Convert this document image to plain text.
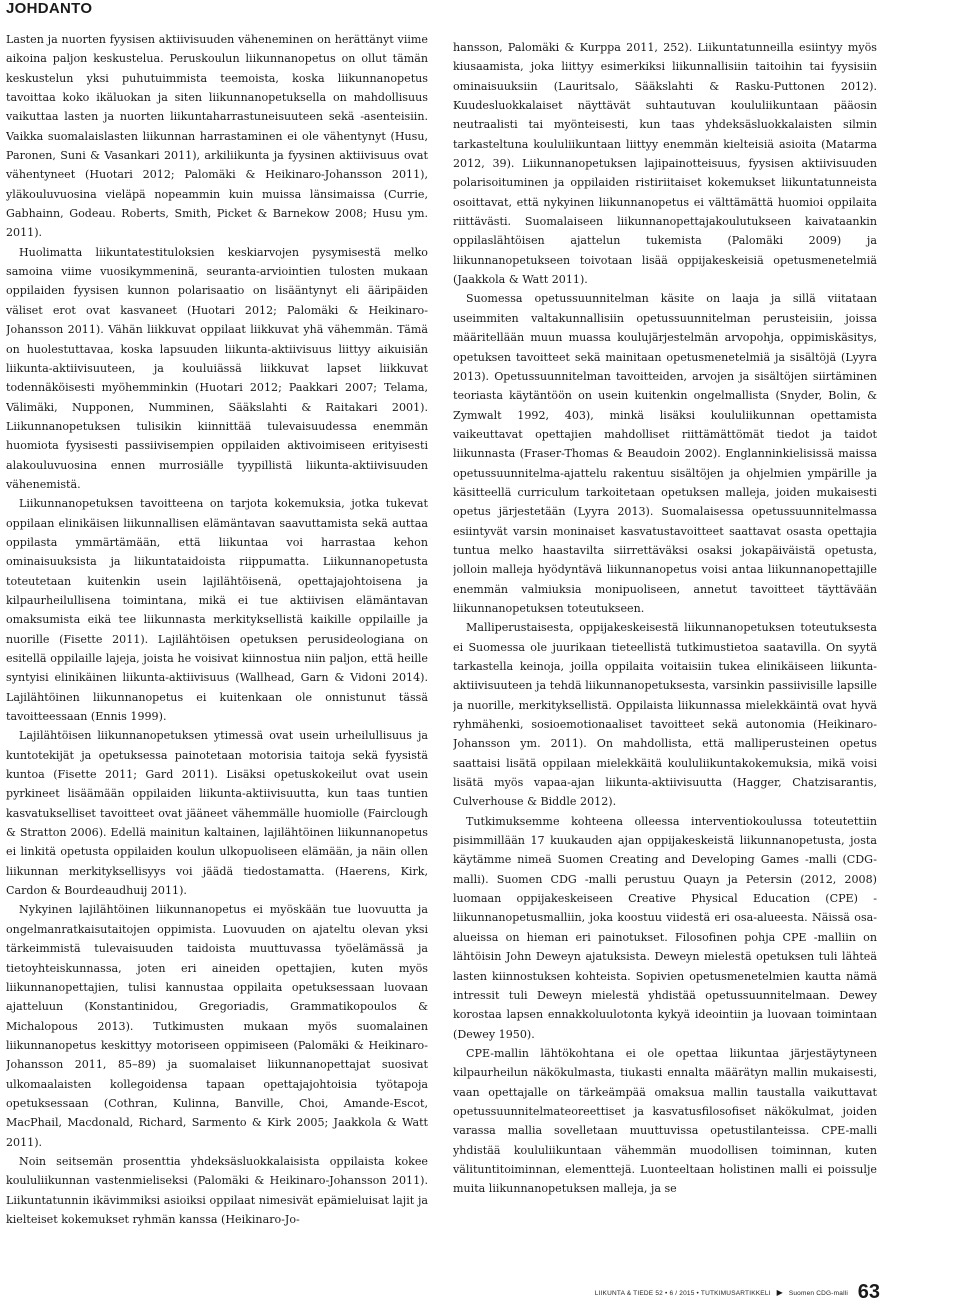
JOHDANTO

Lasten ja nuorten fyysisen aktiivisuuden väheneminen on herättänyt viime aikoina paljon keskustelua. Peruskoulun liikunnanopetus on ollut tämän keskustelun yksi puhutuimmista teemoista, koska liikunnanopetus tavoittaa koko ikäluokan ja siten liikunnanopetuksella on mahdollisuus vaikuttaa lasten ja nuorten liikuntaharrastuneisuuteen sekä -asenteisiin. Vaikka suomalaislasten liikunnan harrastaminen ei ole vähentynyt (Husu, Paronen, Suni & Vasankari 2011), arkiliikunta ja fyysinen aktiivisuus ovat vähentyneet (Huotari 2012; Palomäki & Heikinaro-Johansson 2011), yläkouluvuosina vieläpä nopeammin kuin muissa länsimaissa (Currie, Gabhainn, Godeau. Roberts, Smith, Picket & Barnekow 2008; Husu ym. 2011).

Huolimatta liikuntatestituloksien keskiarvojen pysymisestä melko samoina viime vuosikymmeninä, seuranta-arviointien tulosten mukaan oppilaiden fyysisen kunnon polarisaatio on lisääntynyt eli ääripäiden väliset erot ovat kasvaneet (Huotari 2012; Palomäki & Heikinaro-Johansson 2011). Vähän liikkuvat oppilaat liikkuvat yhä vähemmän. Tämä on huolestuttavaa, koska lapsuuden liikunta-aktiivisuus liittyy aikuisiän liikunta-aktiivisuuteen, ja kouluiässä liikkuvat lapset liikkuvat todennäköisesti myöhemminkin (Huotari 2012; Paakkari 2007; Telama, Välimäki, Nupponen, Numminen, Sääkslahti & Raitakari 2001). Liikunnanopetuksen tulisikin kiinnittää tulevaisuudessa enemmän huomiota fyysisesti passiivisempien oppilaiden aktivoimiseen erityisesti alakouluvuosina ennen murrosiälle tyypillistä liikunta-aktiivisuuden vähenemistä.

Liikunnanopetuksen tavoitteena on tarjota kokemuksia, jotka tukevat oppilaan elinikäisen liikunnallisen elämäntavan saavuttamista sekä auttaa oppilasta ymmärtämään, että liikuntaa voi harrastaa kehon ominaisuuksista ja liikuntataidoista riippumatta. Liikunnanopetusta toteutetaan kuitenkin usein lajilähtöisenä, opettajajohtoisena ja kilpaurheilullisena toimintana, mikä ei tue aktiivisen elämäntavan omaksumista eikä tee liikunnasta merkityksellistä kaikille oppilaille ja nuorille (Fisette 2011). Lajilähtöisen opetuksen perusideologiana on esitellä oppilaille lajeja, joista he voisivat kiinnostua niin paljon, että heille syntyisi elinikäinen liikunta-aktiivisuus (Wallhead, Garn & Vidoni 2014). Lajilähtöinen liikunnanopetus ei kuitenkaan ole onnistunut tässä tavoitteessaan (Ennis 1999).

Lajilähtöisen liikunnanopetuksen ytimessä ovat usein urheilullisuus ja kuntotekijät ja opetuksessa painotetaan motorisia taitoja sekä fyysistä kuntoa (Fisette 2011; Gard 2011). Lisäksi opetuskokeilut ovat usein pyrkineet lisäämään oppilaiden liikunta-aktiivisuutta, kun taas tuntien kasvatukselliset tavoitteet ovat jääneet vähemmälle huomiolle (Fairclough & Stratton 2006). Edellä mainitun kaltainen, lajilähtöinen liikunnanopetus ei linkitä opetusta oppilaiden koulun ulkopuoliseen elämään, ja näin ollen liikunnan merkityksellisyys voi jäädä tiedostamatta. (Haerens, Kirk, Cardon & Bourdeaudhuij 2011).

Nykyinen lajilähtöinen liikunnanopetus ei myöskään tue luovuutta ja ongelmanratkaisutaitojen oppimista. Luovuuden on ajateltu olevan yksi tärkeimmistä tulevaisuuden taidoista muuttuvassa työelämässä ja tietoyhteiskunnassa, joten eri aineiden opettajien, kuten myös liikunnanopettajien, tulisi kannustaa oppilaita opetuksessaan luovaan ajatteluun (Konstantinidou, Gregoriadis, Grammatikopoulos & Michalopous 2013). Tutkimusten mukaan myös suomalainen liikunnanopetus keskittyy motoriseen oppimiseen (Palomäki & Heikinaro-Johansson 2011, 85–89) ja suomalaiset liikunnanopettajat suosivat ulkomaalaisten kollegoidensa tapaan opettajajohtoisia työtapoja opetuksessaan (Cothran, Kulinna, Banville, Choi, Amande-Escot, MacPhail, Macdonald, Richard, Sarmento & Kirk 2005; Jaakkola & Watt 2011).

Noin seitsemän prosenttia yhdeksäsluokkalaisista oppilaista kokee koululiikunnan vastenmieliseksi (Palomäki & Heikinaro-Johansson 2011). Liikuntatunnin ikävimmiksi asioiksi oppilaat nimesivät epämieluisat lajit ja kielteiset kokemukset ryhmän kanssa (Heikinaro-Jo-

hansson, Palomäki & Kurppa 2011, 252). Liikuntatunneilla esiintyy myös kiusaamista, joka liittyy esimerkiksi liikunnallisiin taitoihin tai fyysisiin ominaisuuksiin (Lauritsalo, Sääkslahti & Rasku-Puttonen 2012). Kuudesluokkalaiset näyttävät suhtautuvan koululiikuntaan pääosin neutraalisti tai myönteisesti, kun taas yhdeksäsluokkalaisten silmin tarkasteltuna koululiikuntaan liittyy enemmän kielteisiä asioita (Matarma 2012, 39). Liikunnanopetuksen lajipainotteisuus, fyysisen aktiivisuuden polarisoituminen ja oppilaiden ristiriitaiset kokemukset liikuntatunneista osoittavat, että nykyinen liikunnanopetus ei välttämättä huomioi oppilaita riittävästi. Suomalaiseen liikunnanopettajakoulutukseen kaivataankin oppilaslähtöisen ajattelun tukemista (Palomäki 2009) ja liikunnanopetukseen toivotaan lisää oppijakeskeisiä opetusmenetelmiä (Jaakkola & Watt 2011).

Suomessa opetussuunnitelman käsite on laaja ja sillä viitataan useimmiten valtakunnallisiin opetussuunnitelman perusteisiin, joissa määritellään muun muassa koulujärjestelmän arvopohja, oppimiskäsitys, opetuksen tavoitteet sekä mainitaan opetusmenetelmiä ja sisältöjä (Lyyra 2013). Opetussuunnitelman tavoitteiden, arvojen ja sisältöjen siirtäminen teoriasta käytäntöön on usein kuitenkin ongelmallista (Snyder, Bolin, & Zymwalt 1992, 403), minkä lisäksi koululiikunnan opettamista vaikeuttavat opettajien mahdolliset riittämättömät tiedot ja taidot liikunnasta (Fraser-Thomas & Beaudoin 2002). Englanninkielisissä maissa opetussuunnitelma-ajattelu rakentuu sisältöjen ja ohjelmien ympärille ja käsitteellä curriculum tarkoitetaan opetuksen malleja, joiden mukaisesti opetus järjestetään (Lyyra 2013). Suomalaisessa opetussuunnitelmassa esiintyvät varsin moninaiset kasvatustavoitteet saattavat osasta opettajia tuntua melko haastavilta siirrettäväksi osaksi jokapäiväistä opetusta, jolloin malleja hyödyntävä liikunnanopetus voisi antaa liikunnanopettajille enemmän valmiuksia monipuoliseen, annetut tavoitteet täyttävään liikunnanopetuksen toteutukseen.

Malliperustaisesta, oppijakeskeisestä liikunnanopetuksen toteutuksesta ei Suomessa ole juurikaan tieteellistä tutkimustietoa saatavilla. On syytä tarkastella keinoja, joilla oppilaita voitaisiin tukea elinikäiseen liikunta-aktiivisuuteen ja tehdä liikunnanopetuksesta, varsinkin passiivisille lapsille ja nuorille, merkityksellistä. Oppilaista liikunnassa mielekkäintä ovat hyvä ryhmähenki, sosioemotionaaliset tavoitteet sekä autonomia (Heikinaro-Johansson ym. 2011). On mahdollista, että malliperusteinen opetus saattaisi lisätä oppilaan mielekkäitä koululiikuntakokemuksia, mikä voisi lisätä myös vapaa-ajan liikunta-aktiivisuutta (Hagger, Chatzisarantis, Culverhouse & Biddle 2012).

Tutkimuksemme kohteena olleessa interventiokoulussa toteutettiin pisimmillään 17 kuukauden ajan oppijakeskeistä liikunnanopetusta, josta käytämme nimeä Suomen Creating and Developing Games -malli (CDG-malli). Suomen CDG -malli perustuu Quayn ja Petersin (2012, 2008) luomaan oppijakeskeiseen Creative Physical Education (CPE) -liikunnanopetusmalliin, joka koostuu viidestä eri osa-alueesta. Näissä osa-alueissa on hieman eri painotukset. Filosofinen pohja CPE -malliin on lähtöisin John Deweyn ajatuksista. Deweyn mielestä opetuksen tuli lähteä lasten kiinnostuksen kohteista. Sopivien opetusmenetelmien kautta nämä intressit tuli Deweyn mielestä yhdistää opetussuunnitelmaan. Dewey korostaa lapsen ennakkoluulotonta kykyä ideointiin ja luovaan toimintaan (Dewey 1950).

CPE-mallin lähtökohtana ei ole opettaa liikuntaa järjestäytyneen kilpaurheilun näkökulmasta, tiukasti ennalta määrätyn mallin mukaisesti, vaan opettajalle on tärkeämpää omaksua mallin taustalla vaikuttavat opetussuunnitelmateoreettiset ja kasvatusfilosofiset näkökulmat, joiden varassa mallia sovelletaan muuttuvissa opetustilanteissa. CPE-malli yhdistää koululiikuntaan vähemmän muodollisen toiminnan, kuten välituntitoiminnan, elementtejä. Luonteeltaan holistinen malli ei poissulje muita liikunnanopetuksen malleja, ja se

LIIKUNTA & TIEDE 52 • 6 / 2015 • TUTKIMUSARTIKKELI ▶ Suomen CDG-malli 63
